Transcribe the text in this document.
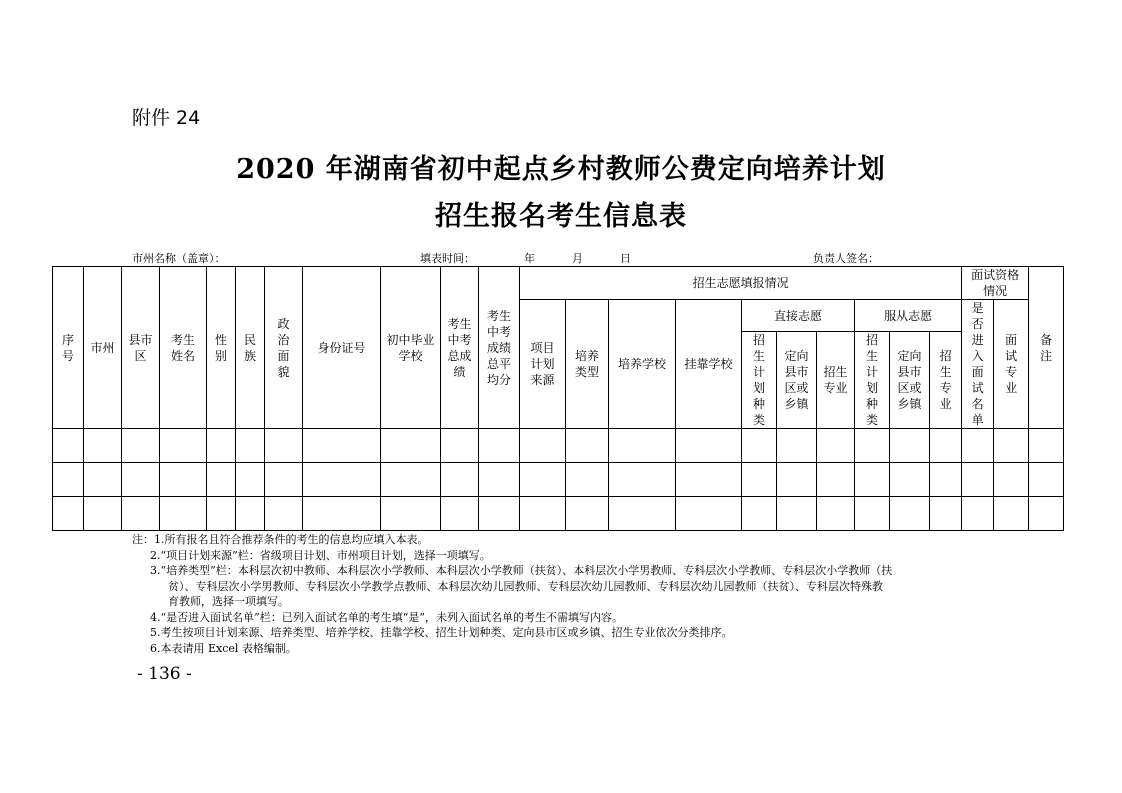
附件 24
2020 年湖南省初中起点乡村教师公费定向培养计划
招生报名考生信息表
市州名称（盖章）：	填表时间：	年	月	日	负责人签名：
序号	市州	县市区	考生姓名	性别	民族	政治面貌	身份证号	初中毕业学校	考生中考总成绩	考生中考成绩总平均分	招生志愿填报情况										面试资格情况		备注
											项目计划来源	培养类型	培养学校	挂靠学校	直接志愿			服从志愿			是否进入面试名单	面试专业	
															招生计划种类	定向县市区或乡镇	招生专业	招生计划种类	定向县市区或乡镇	招生专业			

注：1.所有报名且符合推荐条件的考生的信息均应填入本表。
2.“项目计划来源”栏：省级项目计划、市州项目计划，选择一项填写。
3.“培养类型”栏：本科层次初中教师、本科层次小学教师、本科层次小学教师（扶贫）、本科层次小学男教师、专科层次小学教师、专科层次小学教师（扶
贫）、专科层次小学男教师、专科层次小学教学点教师、本科层次幼儿园教师、专科层次幼儿园教师、专科层次幼儿园教师（扶贫）、专科层次特殊教
育教师，选择一项填写。
4.“是否进入面试名单”栏：已列入面试名单的考生填“是”，未列入面试名单的考生不需填写内容。
5.考生按项目计划来源、培养类型、培养学校、挂靠学校、招生计划种类、定向县市区或乡镇、招生专业依次分类排序。
6.本表请用 Excel 表格编制。
- 136 -
